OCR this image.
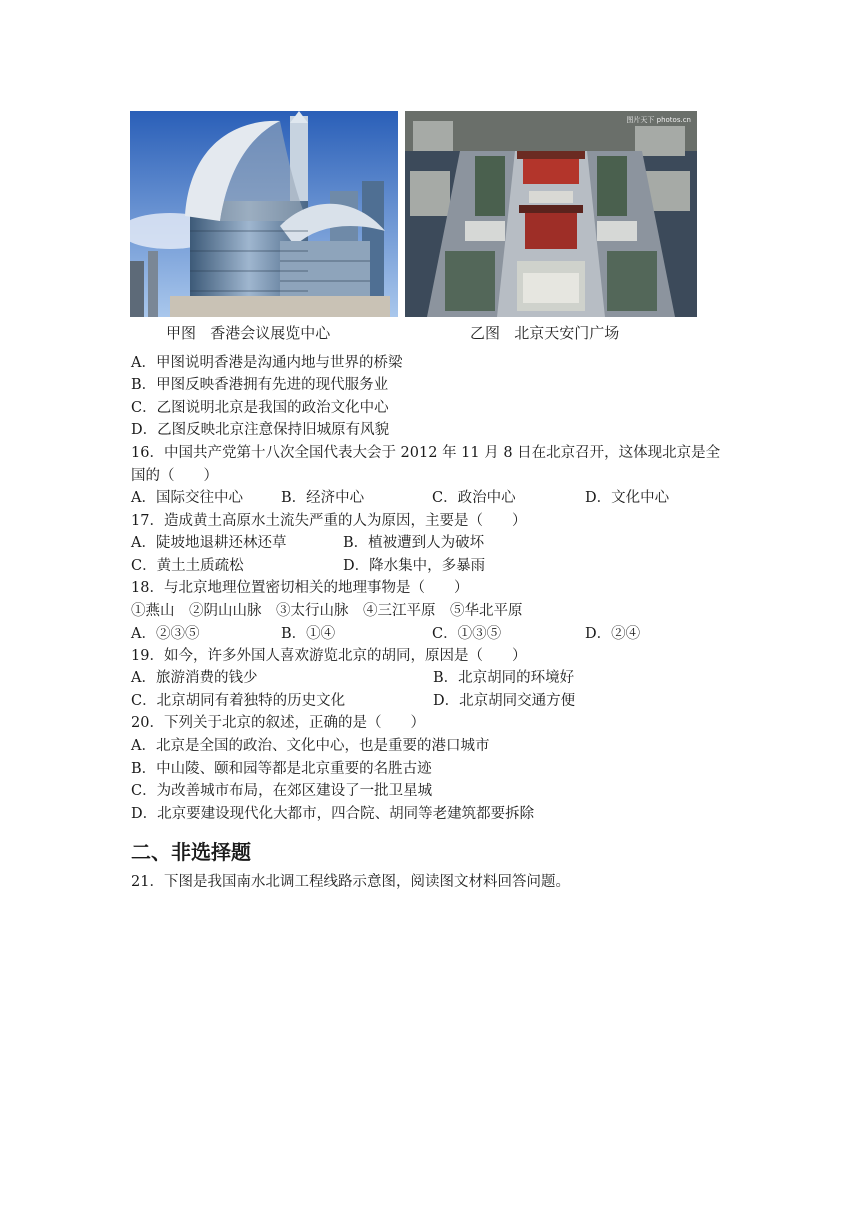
图片天下 photos.cn
甲图   香港会议展览中心	乙图   北京天安门广场
A．甲图说明香港是沟通内地与世界的桥梁
B．甲图反映香港拥有先进的现代服务业
C．乙图说明北京是我国的政治文化中心
D．乙图反映北京注意保持旧城原有风貌
16．中国共产党第十八次全国代表大会于 2012 年 11 月 8 日在北京召开，这体现北京是全
国的（　　）
A．国际交往中心	B．经济中心	C．政治中心	D．文化中心
17．造成黄土高原水土流失严重的人为原因，主要是（　　）
A．陡坡地退耕还林还草	B．植被遭到人为破坏
C．黄土土质疏松	D．降水集中，多暴雨
18．与北京地理位置密切相关的地理事物是（　　）
①燕山　②阴山山脉　③太行山脉　④三江平原　⑤华北平原
A．②③⑤	B．①④	C．①③⑤	D．②④
19．如今，许多外国人喜欢游览北京的胡同，原因是（　　）
A．旅游消费的钱少	B．北京胡同的环境好
C．北京胡同有着独特的历史文化	D．北京胡同交通方便
20．下列关于北京的叙述，正确的是（　　）
A．北京是全国的政治、文化中心，也是重要的港口城市
B．中山陵、颐和园等都是北京重要的名胜古迹
C．为改善城市布局，在郊区建设了一批卫星城
D．北京要建设现代化大都市，四合院、胡同等老建筑都要拆除
二、非选择题
21．下图是我国南水北调工程线路示意图，阅读图文材料回答问题。
